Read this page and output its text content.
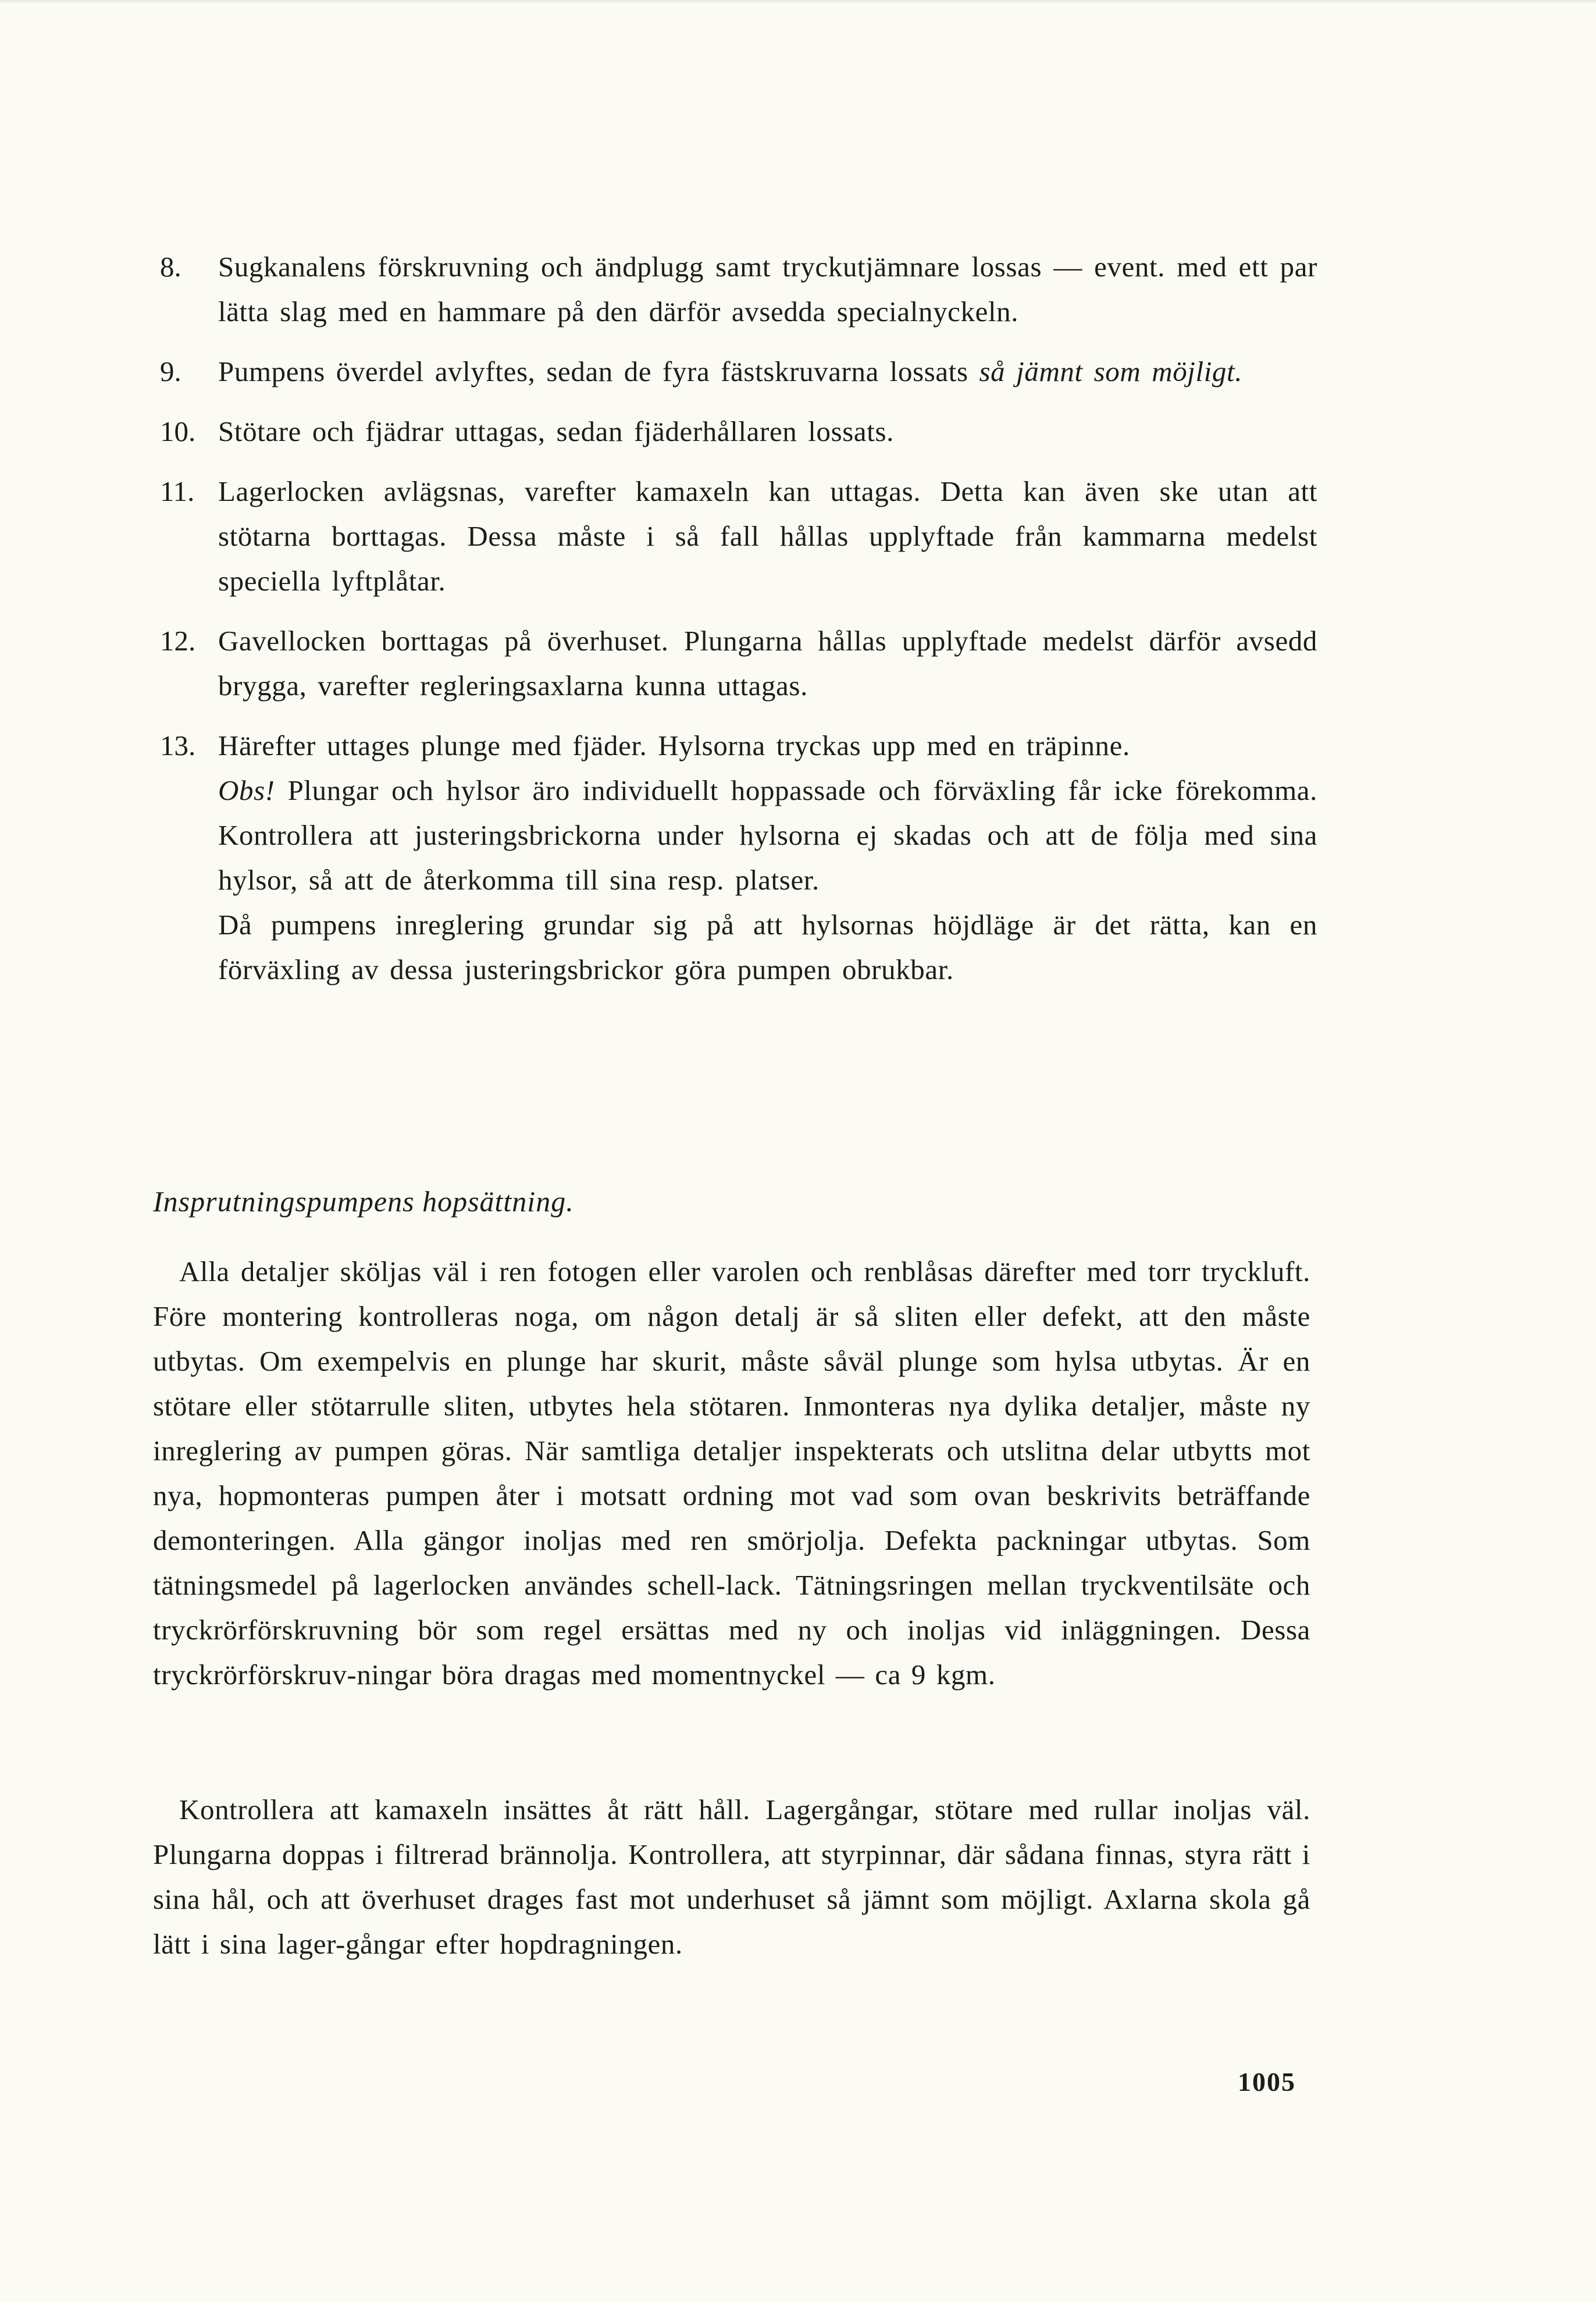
8.	Sugkanalens förskruvning och ändplugg samt tryckutjämnare lossas — event. med ett par lätta slag med en hammare på den därför avsedda specialnyckeln.
9.	Pumpens överdel avlyftes, sedan de fyra fästskruvarna lossats så jämnt som möjligt.
10. Stötare och fjädrar uttagas, sedan fjäderhållaren lossats.
11. Lagerlocken avlägsnas, varefter kamaxeln kan uttagas. Detta kan även ske utan att stötarna borttagas. Dessa måste i så fall hållas upplyftade från kammarna medelst speciella lyftplåtar.
12. Gavellocken borttagas på överhuset. Plungarna hållas upplyftade medelst därför avsedd brygga, varefter regleringsaxlarna kunna uttagas.
13. Härefter uttages plunge med fjäder. Hylsorna tryckas upp med en träpinne.
Obs! Plungar och hylsor äro individuellt hoppassade och förväxling får icke förekomma. Kontrollera att justeringsbrickorna under hylsorna ej skadas och att de följa med sina hylsor, så att de återkomma till sina resp. platser.
Då pumpens inreglering grundar sig på att hylsornas höjdläge är det rätta, kan en förväxling av dessa justeringsbrickor göra pumpen obrukbar.
Insprutningspumpens hopsättning.

Alla detaljer sköljas väl i ren fotogen eller varolen och renblåsas därefter med torr tryckluft. Före montering kontrolleras noga, om någon detalj är så sliten eller defekt, att den måste utbytas. Om exempelvis en plunge har skurit, måste såväl plunge som hylsa utbytas. Är en stötare eller stötarrulle sliten, utbytes hela stötaren. Inmonteras nya dylika detaljer, måste ny inreglering av pumpen göras. När samtliga detaljer inspekterats och utslitna delar utbytts mot nya, hopmonteras pumpen åter i motsatt ordning mot vad som ovan beskrivits beträffande demonteringen. Alla gängor inoljas med ren smörjolja. Defekta packningar utbytas. Som tätningsmedel på lagerlocken användes schell-lack. Tätningsringen mellan tryckventilsäte och tryckrörförskruvning bör som regel ersättas med ny och inoljas vid inläggningen. Dessa tryckrörförskruv-ningar böra dragas med momentnyckel — ca 9 kgm.

Kontrollera att kamaxeln insättes åt rätt håll. Lagergångar, stötare med rullar inoljas väl. Plungarna doppas i filtrerad brännolja. Kontrollera, att styrpinnar, där sådana finnas, styra rätt i sina hål, och att överhuset drages fast mot underhuset så jämnt som möjligt. Axlarna skola gå lätt i sina lager-gångar efter hopdragningen.

1005
